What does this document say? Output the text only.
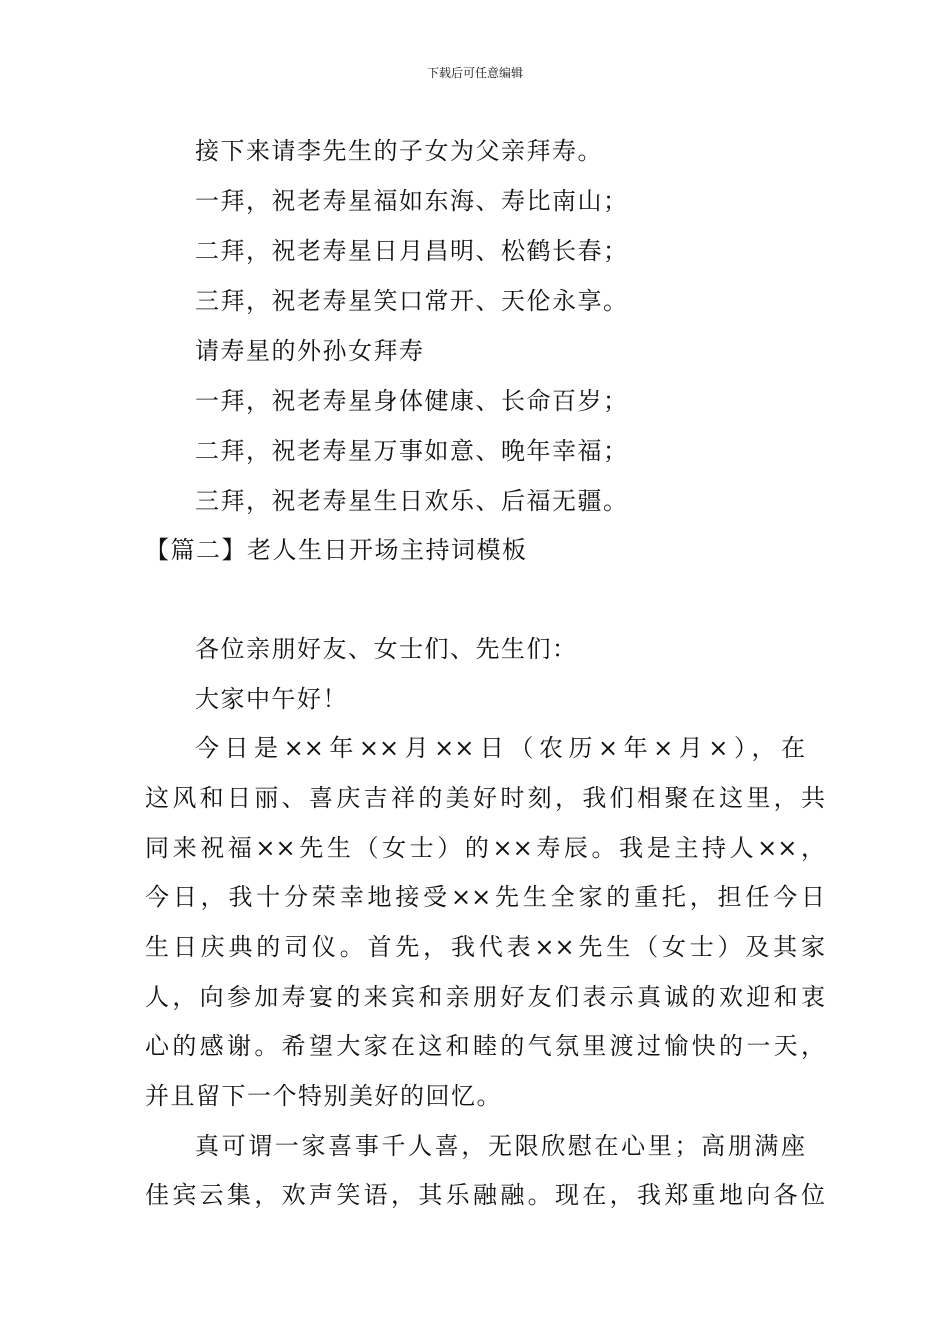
下载后可任意编辑
接下来请李先生的子女为父亲拜寿。
一拜，祝老寿星福如东海、寿比南山；
二拜，祝老寿星日月昌明、松鹤长春；
三拜，祝老寿星笑口常开、天伦永享。
请寿星的外孙女拜寿
一拜，祝老寿星身体健康、长命百岁；
二拜，祝老寿星万事如意、晚年幸福；
三拜，祝老寿星生日欢乐、后福无疆。
【篇二】老人生日开场主持词模板
各位亲朋好友、女士们、先生们：
大家中午好！
今日是××年××月××日（农历×年×月×），在
这风和日丽、喜庆吉祥的美好时刻，我们相聚在这里，共
同来祝福××先生（女士）的××寿辰。我是主持人××，
今日，我十分荣幸地接受××先生全家的重托，担任今日
生日庆典的司仪。首先，我代表××先生（女士）及其家
人，向参加寿宴的来宾和亲朋好友们表示真诚的欢迎和衷
心的感谢。希望大家在这和睦的气氛里渡过愉快的一天，
并且留下一个特别美好的回忆。
真可谓一家喜事千人喜，无限欣慰在心里；高朋满座
佳宾云集，欢声笑语，其乐融融。现在，我郑重地向各位
